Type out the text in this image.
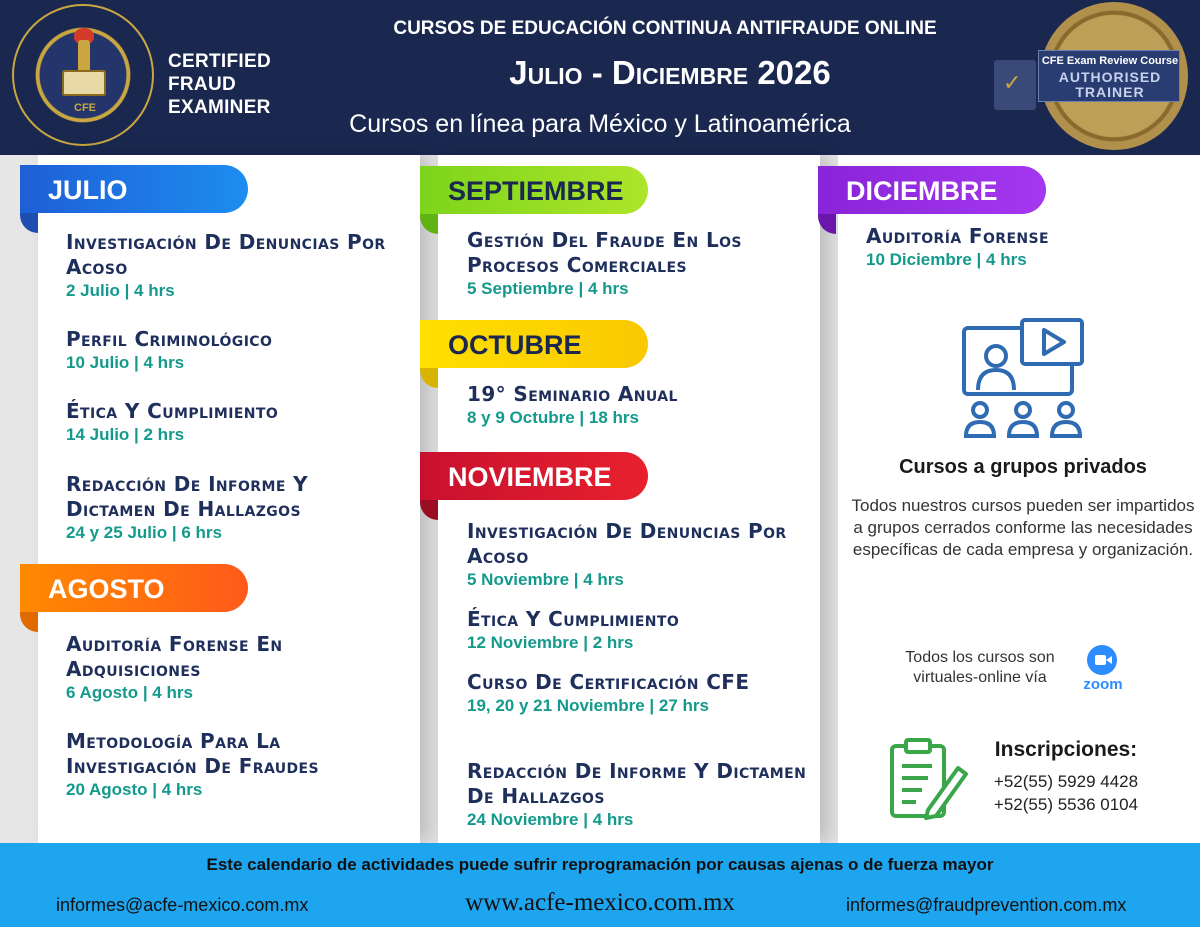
CFE
CERTIFIED FRAUD EXAMINER
CURSOS DE EDUCACIÓN CONTINUA ANTIFRAUDE ONLINE
Julio - Diciembre 2026
Cursos en línea para México y Latinoamérica
✓
CFE Exam Review Course
AUTHORISED
TRAINER
JULIO
AGOSTO
SEPTIEMBRE
OCTUBRE
NOVIEMBRE
DICIEMBRE
Investigación De Denuncias Por Acoso
2 Julio | 4 hrs
Perfil Criminológico
10 Julio | 4 hrs
Ética Y Cumplimiento
14 Julio | 2 hrs
Redacción De Informe Y Dictamen De Hallazgos
24 y 25 Julio | 6 hrs
Auditoría Forense En Adquisiciones
6 Agosto | 4 hrs
Metodología Para La Investigación De Fraudes
20 Agosto | 4 hrs
Gestión Del Fraude En Los Procesos Comerciales
5 Septiembre | 4 hrs
19° Seminario Anual
8 y 9 Octubre | 18 hrs
Investigación De Denuncias Por Acoso
5 Noviembre | 4 hrs
Ética Y Cumplimiento
12 Noviembre | 2 hrs
Curso De Certificación CFE
19, 20 y 21 Noviembre | 27 hrs
Redacción De Informe Y Dictamen De Hallazgos
24 Noviembre | 4 hrs
Auditoría Forense
10 Diciembre | 4 hrs
Cursos a grupos privados
Todos nuestros cursos pueden ser impartidos a grupos cerrados conforme las necesidades específicas de cada empresa y organización.
Todos los cursos son virtuales-online vía	zoom
Inscripciones:
+52(55) 5929 4428
+52(55) 5536 0104
Este calendario de actividades puede sufrir reprogramación por causas ajenas o de fuerza mayor
informes@acfe-mexico.com.mx	www.acfe-mexico.com.mx	informes@fraudprevention.com.mx
